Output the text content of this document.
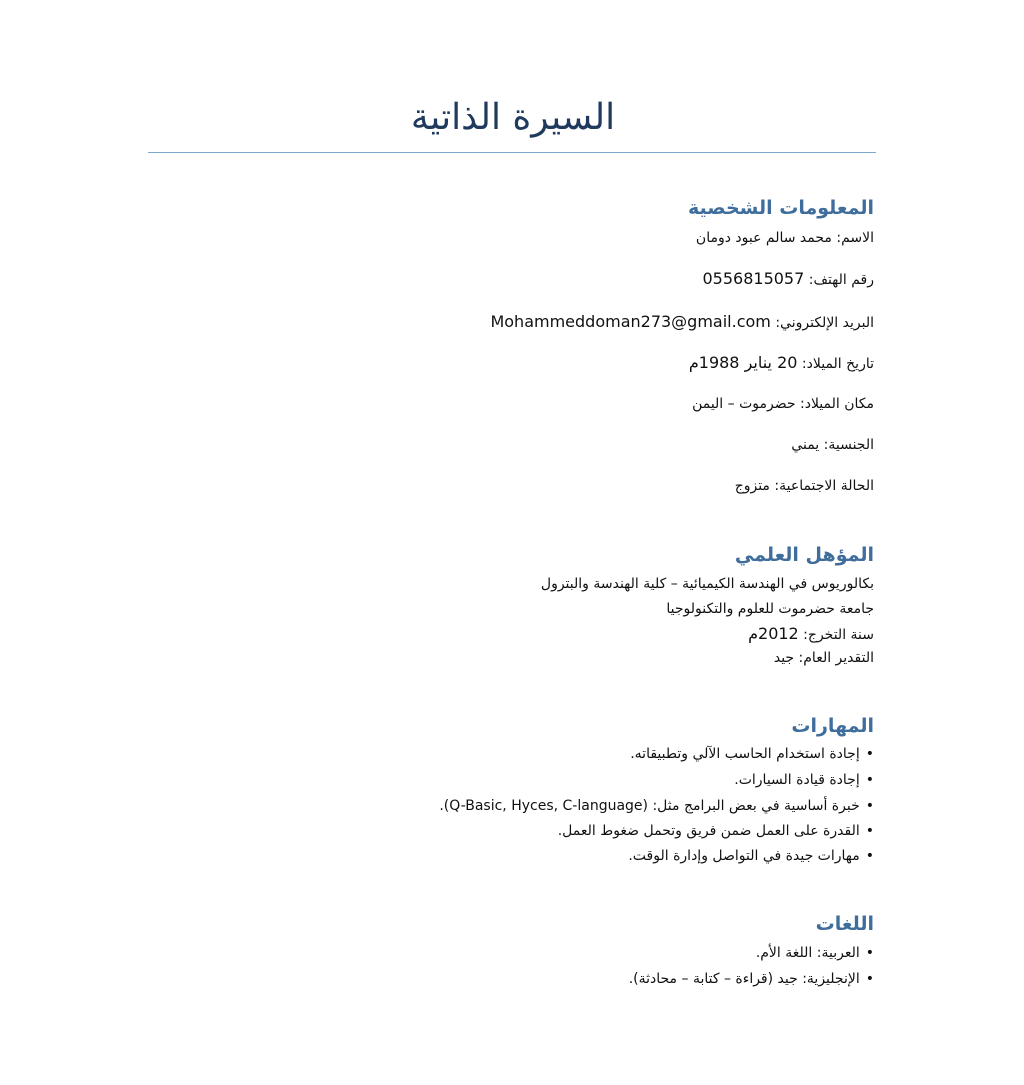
السيرة الذاتية
المعلومات الشخصية
الاسم: محمد سالم عبود دومان
رقم الهتف: 0556815057
البريد الإلكتروني: Mohammeddoman273@gmail.com
تاريخ الميلاد: 20 يناير 1988م
مكان الميلاد: حضرموت – اليمن
الجنسية: يمني
الحالة الاجتماعية: متزوج
المؤهل العلمي
بكالوريوس في الهندسة الكيميائية – كلية الهندسة والبترول
جامعة حضرموت للعلوم والتكنولوجيا
سنة التخرج: 2012م
التقدير العام: جيد
المهارات
•إجادة استخدام الحاسب الآلي وتطبيقاته.
•إجادة قيادة السيارات.
•خبرة أساسية في بعض البرامج مثل: (Q-Basic, Hyces, C-language).
•القدرة على العمل ضمن فريق وتحمل ضغوط العمل.
•مهارات جيدة في التواصل وإدارة الوقت.
اللغات
•العربية: اللغة الأم.
•الإنجليزية: جيد (قراءة – كتابة – محادثة).
